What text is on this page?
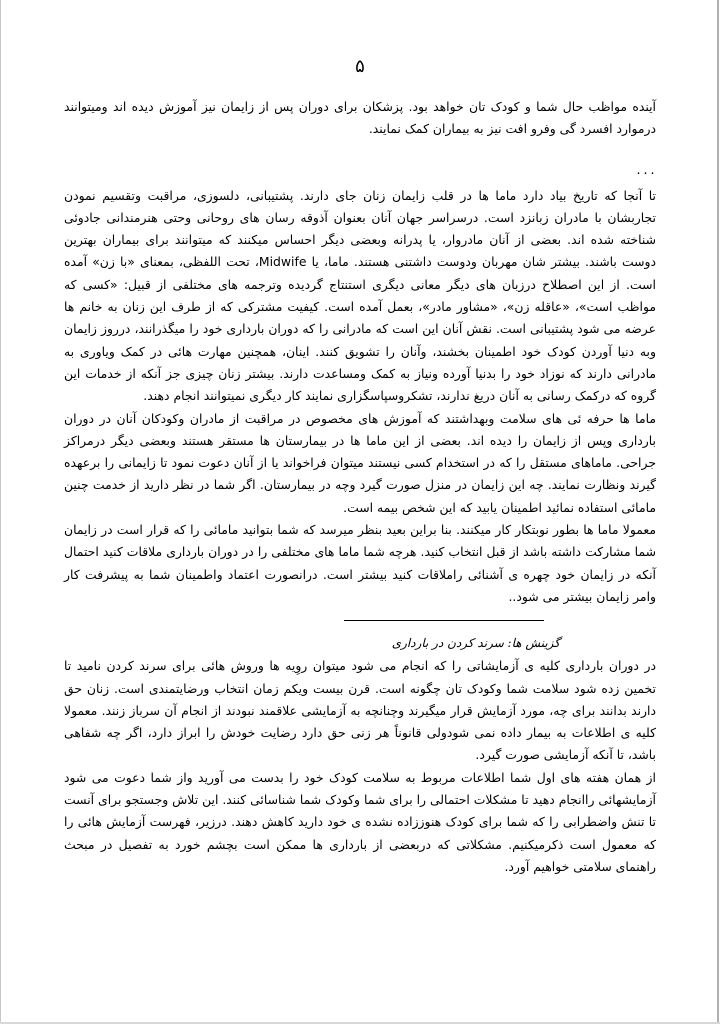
۵

آینده مواظب حال شما و کودک تان خواهد بود. پزشکان برای دوران پس از زایمان نیز آموزش دیده اند ومیتوانند درموارد افسرد گی وفرو افت نیز به بیماران کمک نمایند.

۰۰۰

تا آنجا که تاریخ بیاد دارد ماما ها در قلب زایمان زنان جای دارند. پشتیبانی، دلسوزی، مراقبت وتقسیم نمودن تجاربشان با مادران زبانزد است. درسراسر جهان آنان بعنوان آذوقه رسان های روحانی وحتی هنرمندانی جادوئی شناخته شده اند. بعضی از آنان مادروار، یا پدرانه وبعضی دیگر احساس میکنند که میتوانند برای بیماران بهترین دوست باشند. بیشتر شان مهربان ودوست داشتنی هستند. ماما، یا Midwife، تحت اللفظی، بمعنای «با زن» آمده است. از این اصطلاح درزبان های دیگر معانی دیگری استنتاج گردیده وترجمه های مختلفی از قبیل: «کسی که مواظب است»، «عاقله زن»، «مشاور مادر»، بعمل آمده است. کیفیت مشترکی که از طرف این زنان به خانم ها عرضه می شود پشتیبانی است. نقش آنان این است که مادرانی را که دوران بارداری خود را میگذرانند، درروز زایمان وبه دنیا آوردن کودک خود اطمینان بخشند، وآنان را تشویق کنند. اینان، همچنین مهارت هائی در کمک ویاوری به مادرانی دارند که نوزاد خود را بدنیا آورده ونیاز به کمک ومساعدت دارند. بیشتر زنان چیزی جز آنکه از خدمات این گروه که درکمک رسانی به آنان دریغ ندارند، تشکروسپاسگزاری نمایند کار دیگری نمیتوانند انجام دهند.

ماما ها حرفه ئی های سلامت وبهداشتند که آموزش های مخصوص در مراقبت از مادران وکودکان آنان در دوران بارداری وپس از زایمان را دیده اند. بعضی از این ماما ها در بیمارستان ها مستقر هستند وبعضی دیگر درمراکز جراحی. ماماهای مستقل را که در استخدام کسی نیستند میتوان فراخواند یا از آنان دعوت نمود تا زایمانی را برعهده گیرند ونظارت نمایند. چه این زایمان در منزل صورت گیرد وچه در بیمارستان. اگر شما در نظر دارید از خدمت چنین مامائی استفاده نمائید اطمینان یابید که این شخص بیمه است.

معمولا ماما ها بطور نوبتکار کار میکنند. بنا براین بعید بنظر میرسد که شما بتوانید مامائی را که قرار است در زایمان شما مشارکت داشته باشد از قبل انتخاب کنید. هرچه شما ماما های مختلفی را در دوران بارداری ملاقات کنید احتمال آنکه در زایمان خود چهره ی آشنائی راملاقات کنید بیشتر است. درانصورت اعتماد واطمینان شما به پیشرفت کار وامر زایمان بیشتر می شود..

گزینش ها: سرند کردن در بارداری

در دوران بارداری کلیه ی آزمایشاتی را که انجام می شود میتوان روِیه ها وروش هائی برای سرند کردن نامید تا تخمین زده شود سلامت شما وکودک تان چگونه است. قرن بیست ویکم زمان انتخاب ورضایتمندی است. زنان حق دارند بدانند برای چه، مورد آزمایش قرار میگیرند وچنانچه به آزمایشی علاقمند نبودند از انجام آن سرباز زنند. معمولا کلیه ی اطلاعات به بیمار داده نمی شودولی قانوناً هر زنی حق دارد رضایت خودش را ابراز دارد، اگر چه شفاهی باشد، تا آنکه آزمایشی صورت گیرد.

از همان هفته های اول شما اطلاعات مربوط به سلامت کودک خود را بدست می آورید واز شما دعوت می شود آزمایشهائی راانجام دهید تا مشکلات احتمالی را برای شما وکودک شما شناسائی کنند. این تلاش وجستجو برای آنست تا تنش واضطرابی را که شما برای کودک هنوززاده نشده ی خود دارید کاهش دهند. درزیر، فهرست آزمایش هائی را که معمول است ذکرمیکنیم. مشکلاتی که دربعضی از بارداری ها ممکن است بچشم خورد به تفصیل در مبحث راهنمای سلامتی خواهیم آورد.
